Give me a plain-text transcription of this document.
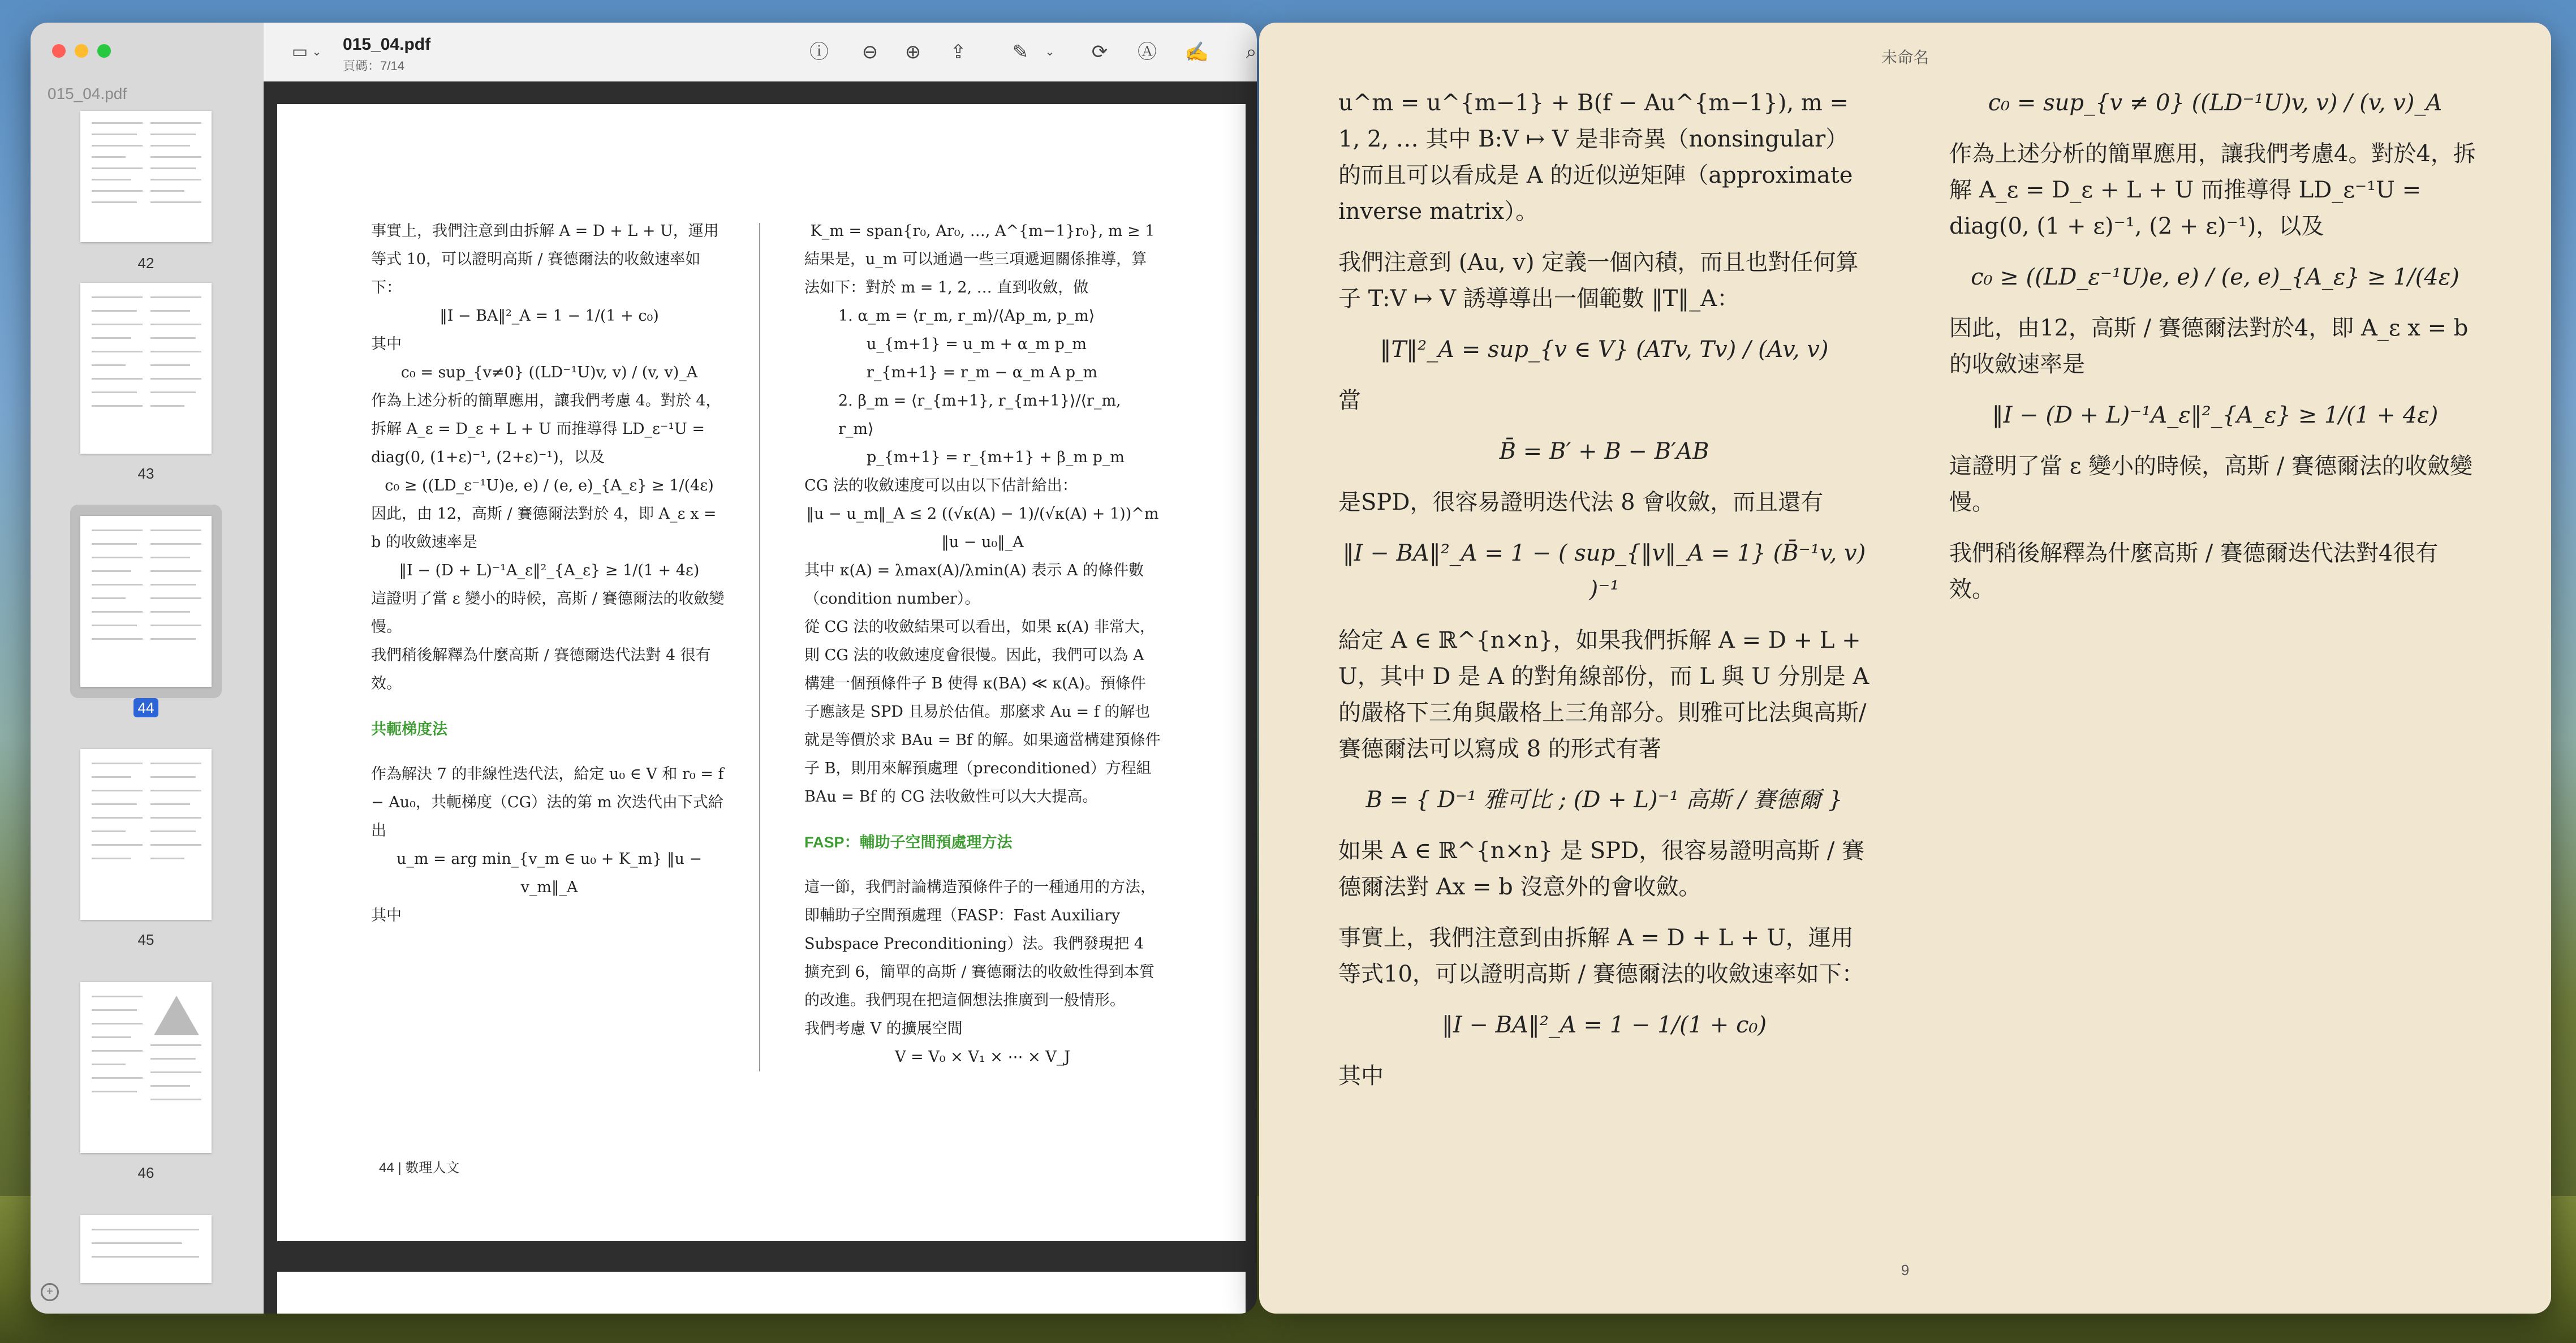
015_04.pdf
42
43
44
45
46
+
▭ ⌄ 015_04.pdf
頁碼：7/14
ⓘ ⊖ ⊕ ⇪ ✎	⌄ ⟳ Ⓐ ✍	⌕

事實上，我們注意到由拆解 A = D + L + U，運用等式 10，可以證明高斯 / 賽德爾法的收斂速率如下：

‖I − BA‖²_A = 1 − 1/(1 + c₀)

其中

c₀ = sup_{v≠0} ((LD⁻¹U)v, v) / (v, v)_A

作為上述分析的簡單應用，讓我們考慮 4。對於 4，拆解 A_ε = D_ε + L + U 而推導得 LD_ε⁻¹U = diag(0, (1+ε)⁻¹, (2+ε)⁻¹)，以及

c₀ ≥ ((LD_ε⁻¹U)e, e) / (e, e)_{A_ε} ≥ 1/(4ε)

因此，由 12，高斯 / 賽德爾法對於 4，即 A_ε x = b 的收斂速率是

‖I − (D + L)⁻¹A_ε‖²_{A_ε} ≥ 1/(1 + 4ε)

這證明了當 ε 變小的時候，高斯 / 賽德爾法的收斂變慢。

我們稍後解釋為什麼高斯 / 賽德爾迭代法對 4 很有效。

共軛梯度法

作為解決 7 的非線性迭代法，給定 u₀ ∈ V 和 r₀ = f − Au₀，共軛梯度（CG）法的第 m 次迭代由下式給出

u_m = arg min_{v_m ∈ u₀ + K_m} ‖u − v_m‖_A

其中

K_m = span{r₀, Ar₀, …, A^{m−1}r₀}, m ≥ 1

結果是，u_m 可以通過一些三項遞迴關係推導，算法如下：對於 m = 1, 2, … 直到收斂，做

1. α_m = ⟨r_m, r_m⟩/⟨Ap_m, p_m⟩

u_{m+1} = u_m + α_m p_m

r_{m+1} = r_m − α_m A p_m

2. β_m = ⟨r_{m+1}, r_{m+1}⟩/⟨r_m, r_m⟩

p_{m+1} = r_{m+1} + β_m p_m

CG 法的收斂速度可以由以下估計給出：

‖u − u_m‖_A ≤ 2 ((√κ(A) − 1)/(√κ(A) + 1))^m ‖u − u₀‖_A

其中 κ(A) = λmax(A)/λmin(A) 表示 A 的條件數（condition number）。

從 CG 法的收斂結果可以看出，如果 κ(A) 非常大，則 CG 法的收斂速度會很慢。因此，我們可以為 A 構建一個預條件子 B 使得 κ(BA) ≪ κ(A)。預條件子應該是 SPD 且易於估值。那麼求 Au = f 的解也就是等價於求 BAu = Bf 的解。如果適當構建預條件子 B，則用來解預處理（preconditioned）方程組 BAu = Bf 的 CG 法收斂性可以大大提高。

FASP：輔助子空間預處理方法

這一節，我們討論構造預條件子的一種通用的方法，即輔助子空間預處理（FASP：Fast Auxiliary Subspace Preconditioning）法。我們發現把 4 擴充到 6，簡單的高斯 / 賽德爾法的收斂性得到本質的改進。我們現在把這個想法推廣到一般情形。

我們考慮 V 的擴展空間

V = V₀ × V₁ × ⋯ × V_J

44 | 數理人文
未命名

u^m = u^{m−1} + B(f − Au^{m−1}), m = 1, 2, … 其中 B:V ↦ V 是非奇異（nonsingular）的而且可以看成是 A 的近似逆矩陣（approximate inverse matrix）。

我們注意到 (Au, v) 定義一個內積，而且也對任何算子 T:V ↦ V 誘導導出一個範數 ‖T‖_A：

‖T‖²_A = sup_{v ∈ V} (ATv, Tv) / (Av, v)

當

B̄ = B′ + B − B′AB

是SPD，很容易證明迭代法 8 會收斂，而且還有

‖I − BA‖²_A = 1 − ( sup_{‖v‖_A = 1} (B̄⁻¹v, v) )⁻¹

給定 A ∈ ℝ^{n×n}，如果我們拆解 A = D + L + U，其中 D 是 A 的對角線部份，而 L 與 U 分別是 A 的嚴格下三角與嚴格上三角部分。則雅可比法與高斯/賽德爾法可以寫成 8 的形式有著

B = { D⁻¹ 雅可比 ; (D + L)⁻¹ 高斯 / 賽德爾 }

如果 A ∈ ℝ^{n×n} 是 SPD，很容易證明高斯 / 賽德爾法對 Ax = b 沒意外的會收斂。

事實上，我們注意到由拆解 A = D + L + U，運用等式10，可以證明高斯 / 賽德爾法的收斂速率如下：

‖I − BA‖²_A = 1 − 1/(1 + c₀)

其中

c₀ = sup_{v ≠ 0} ((LD⁻¹U)v, v) / (v, v)_A

作為上述分析的簡單應用，讓我們考慮4。對於4，拆解 A_ε = D_ε + L + U 而推導得 LD_ε⁻¹U = diag(0, (1 + ε)⁻¹, (2 + ε)⁻¹)，以及

c₀ ≥ ((LD_ε⁻¹U)e, e) / (e, e)_{A_ε} ≥ 1/(4ε)

因此，由12，高斯 / 賽德爾法對於4，即 A_ε x = b 的收斂速率是

‖I − (D + L)⁻¹A_ε‖²_{A_ε} ≥ 1/(1 + 4ε)

這證明了當 ε 變小的時候，高斯 / 賽德爾法的收斂變慢。

我們稍後解釋為什麼高斯 / 賽德爾迭代法對4很有效。

9
